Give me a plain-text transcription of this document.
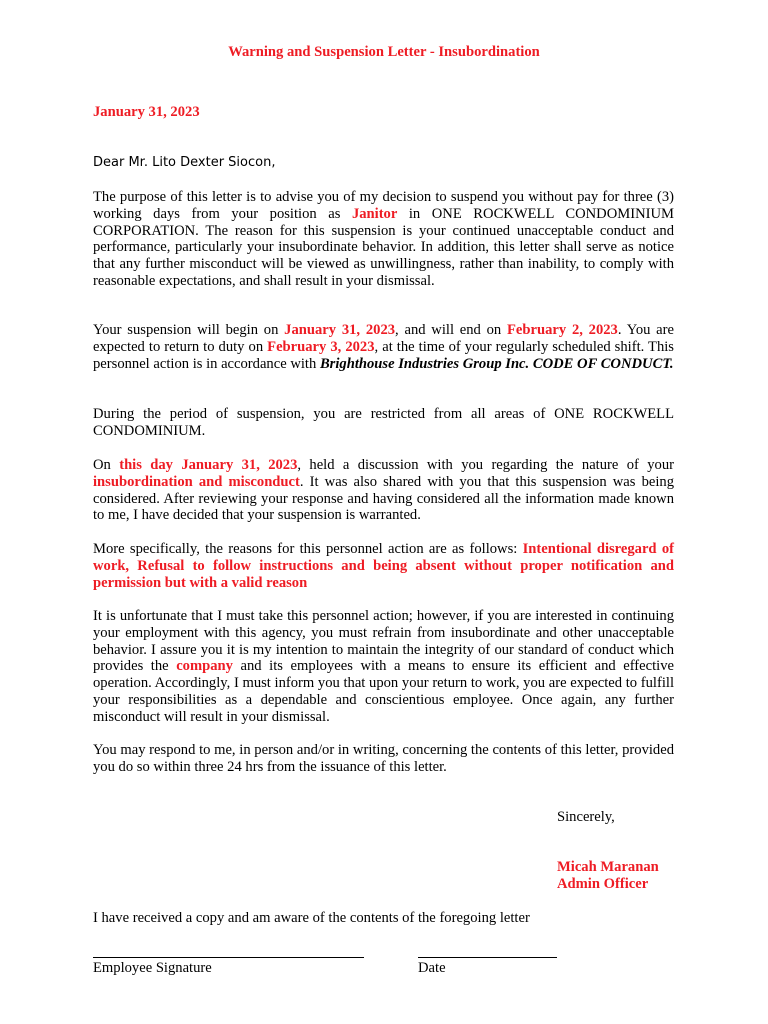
Warning and Suspension Letter - Insubordination
January 31, 2023
Dear Mr. Lito Dexter Siocon,

The purpose of this letter is to advise you of my decision to suspend you without pay for three (3) working days from your position as Janitor in ONE ROCKWELL CONDOMINIUM CORPORATION. The reason for this suspension is your continued unacceptable conduct and performance, particularly your insubordinate behavior. In addition, this letter shall serve as notice that any further misconduct will be viewed as unwillingness, rather than inability, to comply with reasonable expectations, and shall result in your dismissal.

Your suspension will begin on January 31, 2023, and will end on February 2, 2023. You are expected to return to duty on February 3, 2023, at the time of your regularly scheduled shift. This personnel action is in accordance with Brighthouse Industries Group Inc. CODE OF CONDUCT.

During the period of suspension, you are restricted from all areas of ONE ROCKWELL CONDOMINIUM.

On this day January 31, 2023, held a discussion with you regarding the nature of your insubordination and misconduct. It was also shared with you that this suspension was being considered. After reviewing your response and having considered all the information made known to me, I have decided that your suspension is warranted.

More specifically, the reasons for this personnel action are as follows: Intentional disregard of work, Refusal to follow instructions and being absent without proper notification and permission but with a valid reason

It is unfortunate that I must take this personnel action; however, if you are interested in continuing your employment with this agency, you must refrain from insubordinate and other unacceptable behavior. I assure you it is my intention to maintain the integrity of our standard of conduct which provides the company and its employees with a means to ensure its efficient and effective operation. Accordingly, I must inform you that upon your return to work, you are expected to fulfill your responsibilities as a dependable and conscientious employee. Once again, any further misconduct will result in your dismissal.

You may respond to me, in person and/or in writing, concerning the contents of this letter, provided you do so within three 24 hrs from the issuance of this letter.

Sincerely,
Micah Maranan
Admin Officer
I have received a copy and am aware of the contents of the foregoing letter
Employee Signature	Date
